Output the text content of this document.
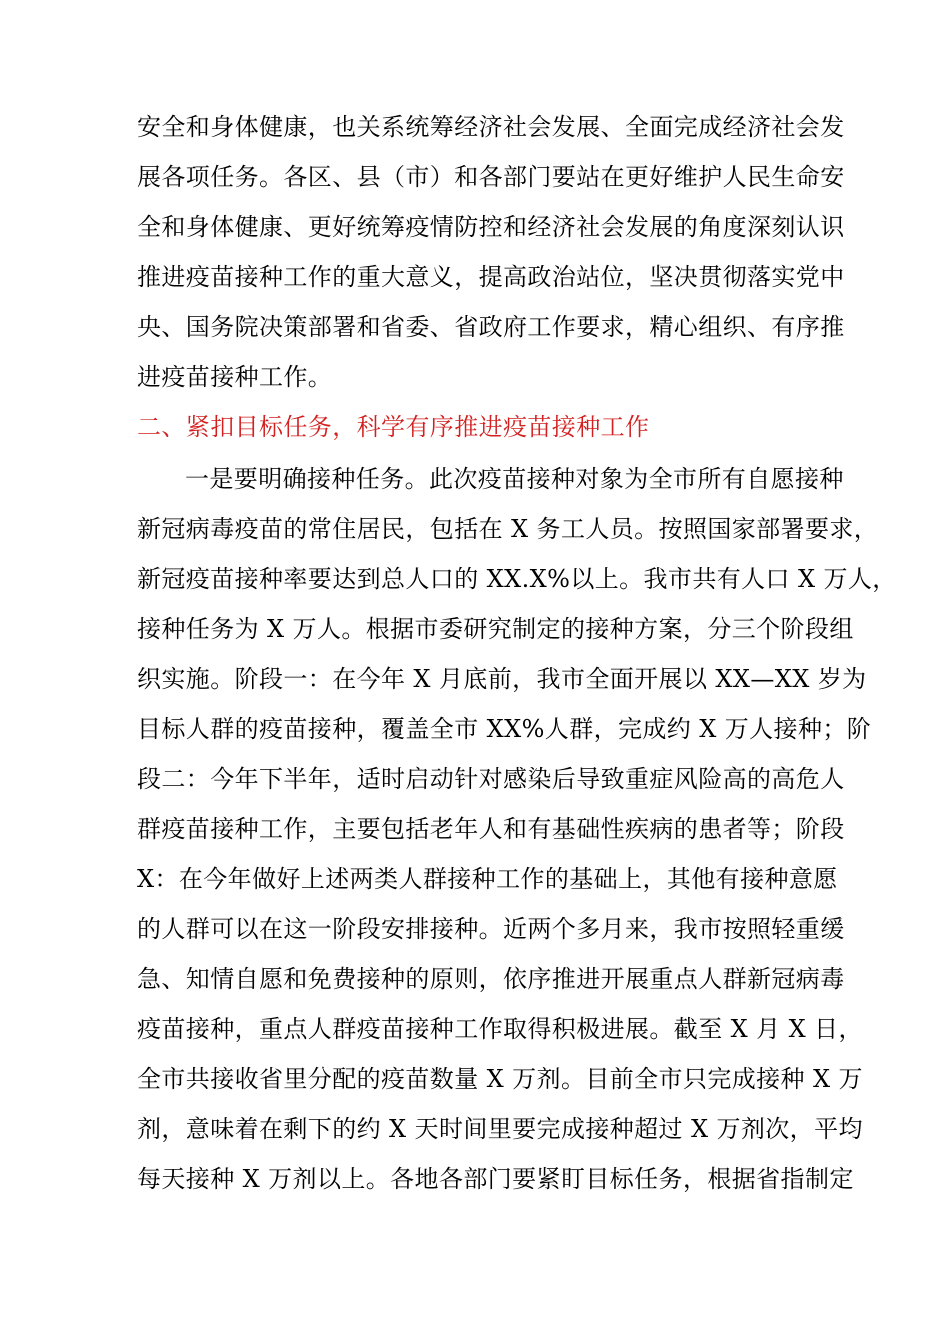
安全和身体健康，也关系统筹经济社会发展、全面完成经济社会发
展各项任务。各区、县（市）和各部门要站在更好维护人民生命安
全和身体健康、更好统筹疫情防控和经济社会发展的角度深刻认识
推进疫苗接种工作的重大意义，提高政治站位，坚决贯彻落实党中
央、国务院决策部署和省委、省政府工作要求，精心组织、有序推
进疫苗接种工作。
二、紧扣目标任务，科学有序推进疫苗接种工作
一是要明确接种任务。此次疫苗接种对象为全市所有自愿接种
新冠病毒疫苗的常住居民，包括在 X 务工人员。按照国家部署要求，
新冠疫苗接种率要达到总人口的 XX.X%以上。我市共有人口 X 万人，
接种任务为 X 万人。根据市委研究制定的接种方案，分三个阶段组
织实施。阶段一：在今年 X 月底前，我市全面开展以 XX—XX 岁为
目标人群的疫苗接种，覆盖全市 XX%人群，完成约 X 万人接种；阶
段二：今年下半年，适时启动针对感染后导致重症风险高的高危人
群疫苗接种工作，主要包括老年人和有基础性疾病的患者等；阶段
X：在今年做好上述两类人群接种工作的基础上，其他有接种意愿
的人群可以在这一阶段安排接种。近两个多月来，我市按照轻重缓
急、知情自愿和免费接种的原则，依序推进开展重点人群新冠病毒
疫苗接种，重点人群疫苗接种工作取得积极进展。截至 X 月 X 日，
全市共接收省里分配的疫苗数量 X 万剂。目前全市只完成接种 X 万
剂，意味着在剩下的约 X 天时间里要完成接种超过 X 万剂次，平均
每天接种 X 万剂以上。各地各部门要紧盯目标任务，根据省指制定
